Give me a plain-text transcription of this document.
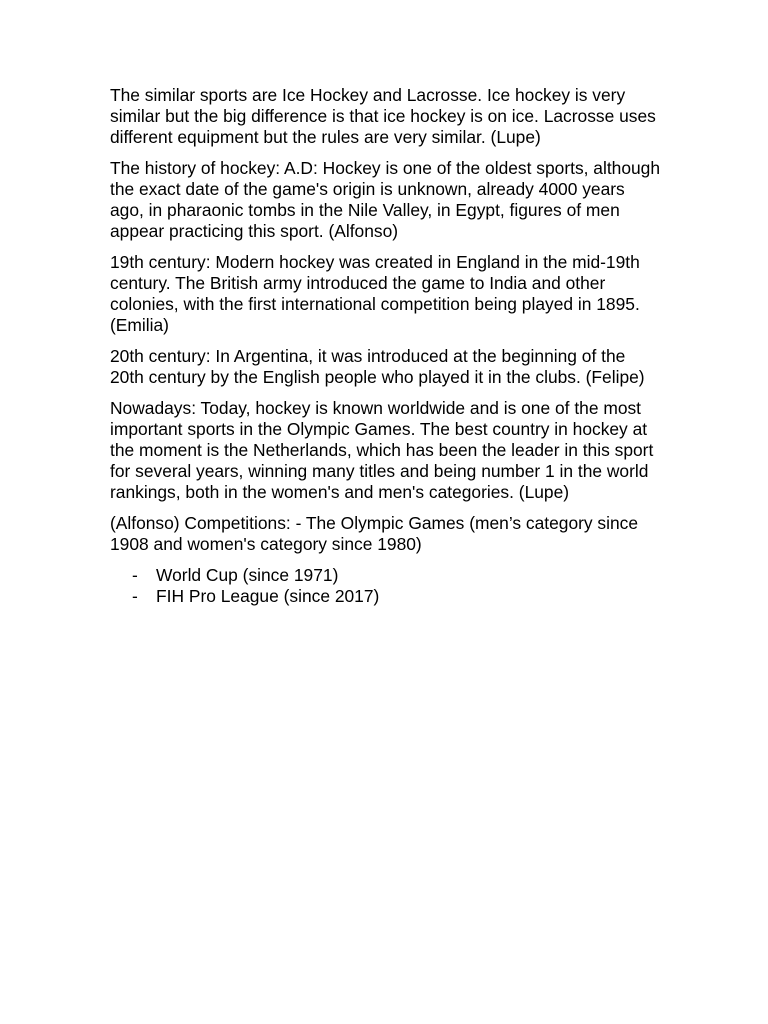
The similar sports are Ice Hockey and Lacrosse. Ice hockey is very similar but the big difference is that ice hockey is on ice. Lacrosse uses different equipment but the rules are very similar. (Lupe)

The history of hockey: A.D: Hockey is one of the oldest sports, although the exact date of the game's origin is unknown, already 4000 years ago, in pharaonic tombs in the Nile Valley, in Egypt, figures of men appear practicing this sport. (Alfonso)

19th century: Modern hockey was created in England in the mid-19th century. The British army introduced the game to India and other colonies, with the first international competition being played in 1895. (Emilia)

20th century: In Argentina, it was introduced at the beginning of the 20th century by the English people who played it in the clubs. (Felipe)

Nowadays: Today, hockey is known worldwide and is one of the most important sports in the Olympic Games. The best country in hockey at the moment is the Netherlands, which has been the leader in this sport for several years, winning many titles and being number 1 in the world rankings, both in the women's and men's categories. (Lupe)

(Alfonso) Competitions: - The Olympic Games (men’s category since 1908 and women's category since 1980)

- World Cup (since 1971)
- FIH Pro League (since 2017)
